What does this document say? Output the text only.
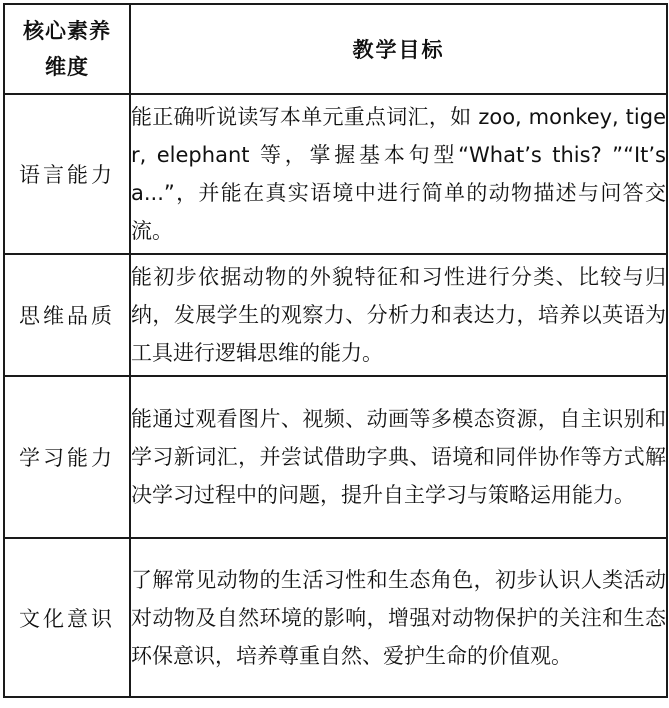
核心素养
维度	教学目标
语言能力	能正确听说读写本单元重点词汇，如 zoo, monkey, tiger, elephant 等，掌握基本句型“What’s this? ”“It’s a...”，并能在真实语境中进行简单的动物描述与问答交流。
思维品质	能初步依据动物的外貌特征和习性进行分类、比较与归纳，发展学生的观察力、分析力和表达力，培养以英语为工具进行逻辑思维的能力。
学习能力	能通过观看图片、视频、动画等多模态资源，自主识别和学习新词汇，并尝试借助字典、语境和同伴协作等方式解决学习过程中的问题，提升自主学习与策略运用能力。
文化意识	了解常见动物的生活习性和生态角色，初步认识人类活动对动物及自然环境的影响，增强对动物保护的关注和生态环保意识，培养尊重自然、爱护生命的价值观。
